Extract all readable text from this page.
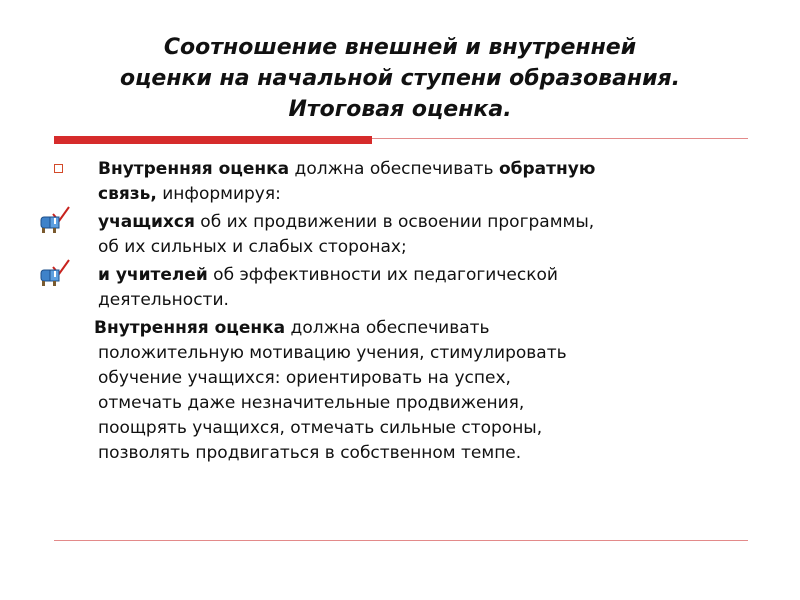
Соотношение внешней и внутренней
оценки на начальной ступени образования.
Итоговая оценка.
Внутренняя оценка должна обеспечивать обратную
связь, информируя:
учащихся об их продвижении в освоении программы,
об их сильных и слабых сторонах;
и учителей об эффективности их педагогической
деятельности.
Внутренняя оценка должна обеспечивать
положительную мотивацию учения, стимулировать
обучение учащихся: ориентировать на успех,
отмечать даже незначительные продвижения,
поощрять учащихся, отмечать сильные стороны,
позволять продвигаться в собственном темпе.
